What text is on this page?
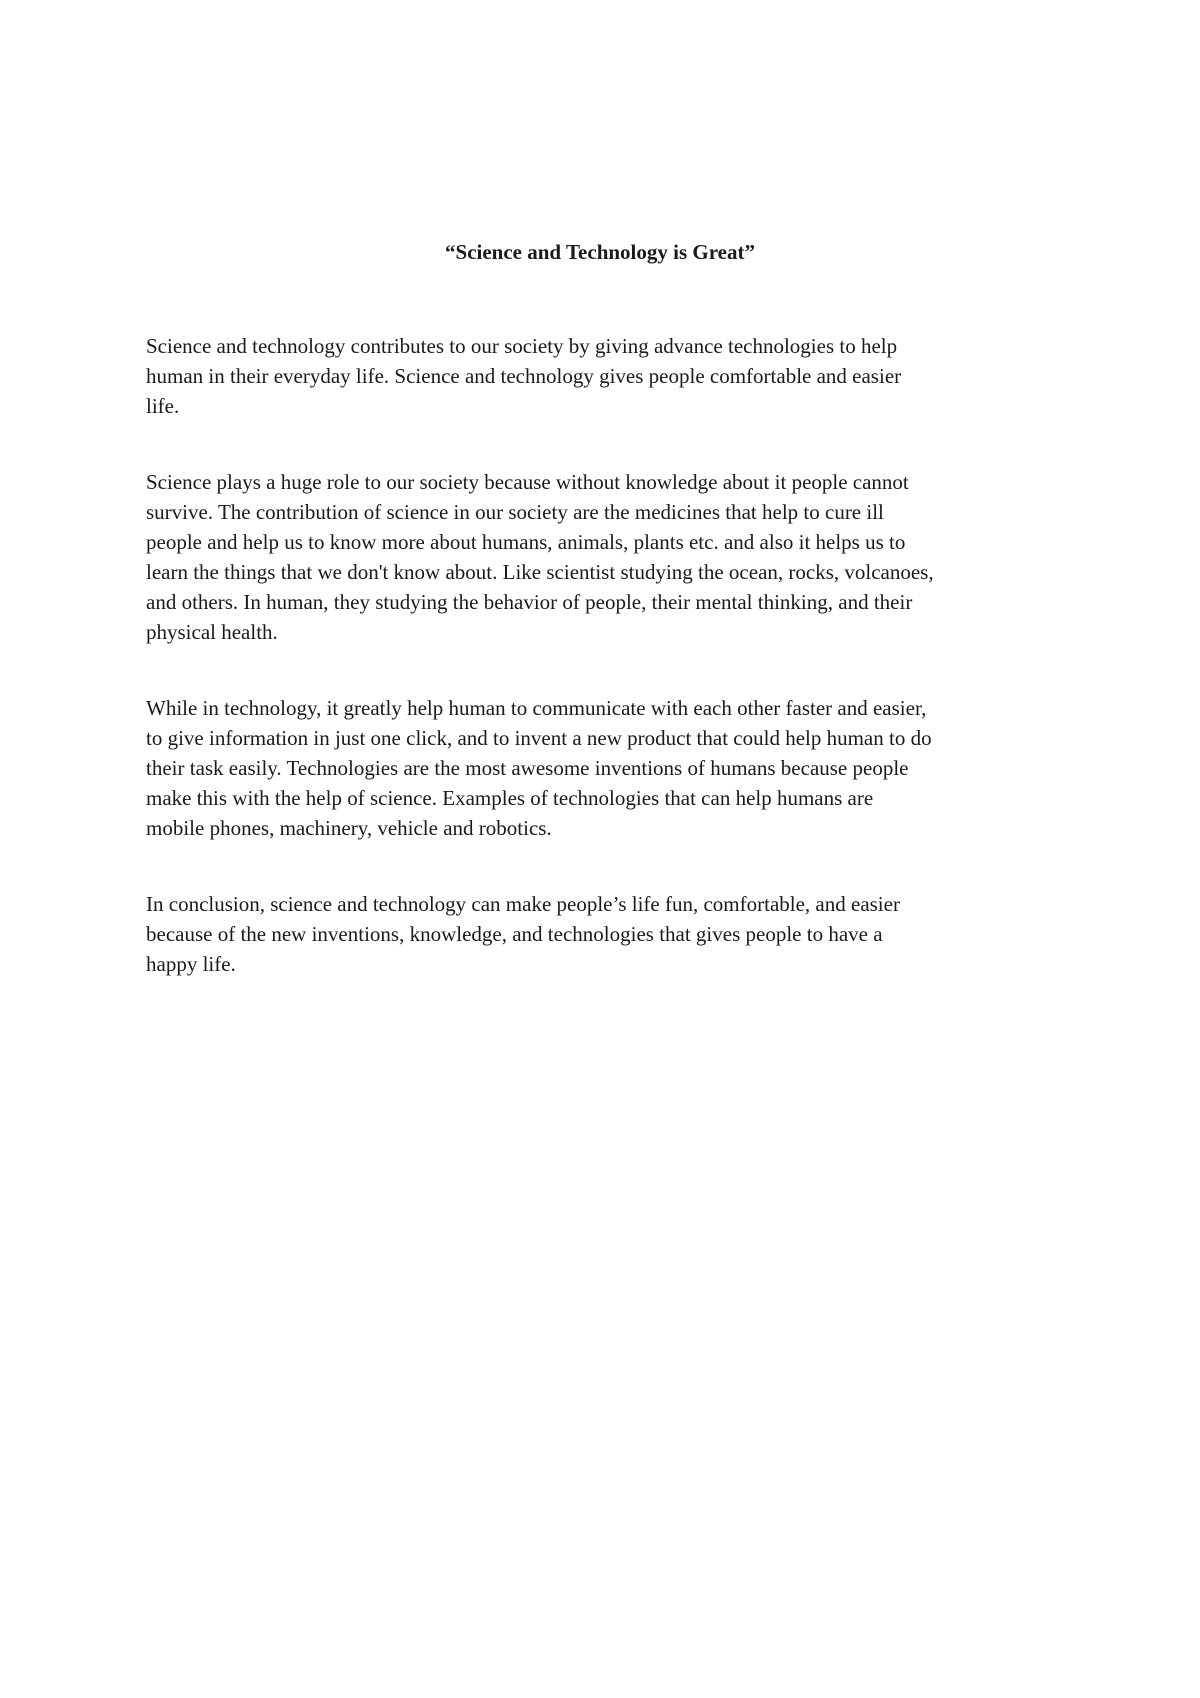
“Science and Technology is Great”

Science and technology contributes to our society by giving advance technologies to help
human in their everyday life. Science and technology gives people comfortable and easier
life.

Science plays a huge role to our society because without knowledge about it people cannot
survive. The contribution of science in our society are the medicines that help to cure ill
people and help us to know more about humans, animals, plants etc. and also it helps us to
learn the things that we don't know about. Like scientist studying the ocean, rocks, volcanoes,
and others. In human, they studying the behavior of people, their mental thinking, and their
physical health.

While in technology, it greatly help human to communicate with each other faster and easier,
to give information in just one click, and to invent a new product that could help human to do
their task easily. Technologies are the most awesome inventions of humans because people
make this with the help of science. Examples of technologies that can help humans are
mobile phones, machinery, vehicle and robotics.

In conclusion, science and technology can make people’s life fun, comfortable, and easier
because of the new inventions, knowledge, and technologies that gives people to have a
happy life.
